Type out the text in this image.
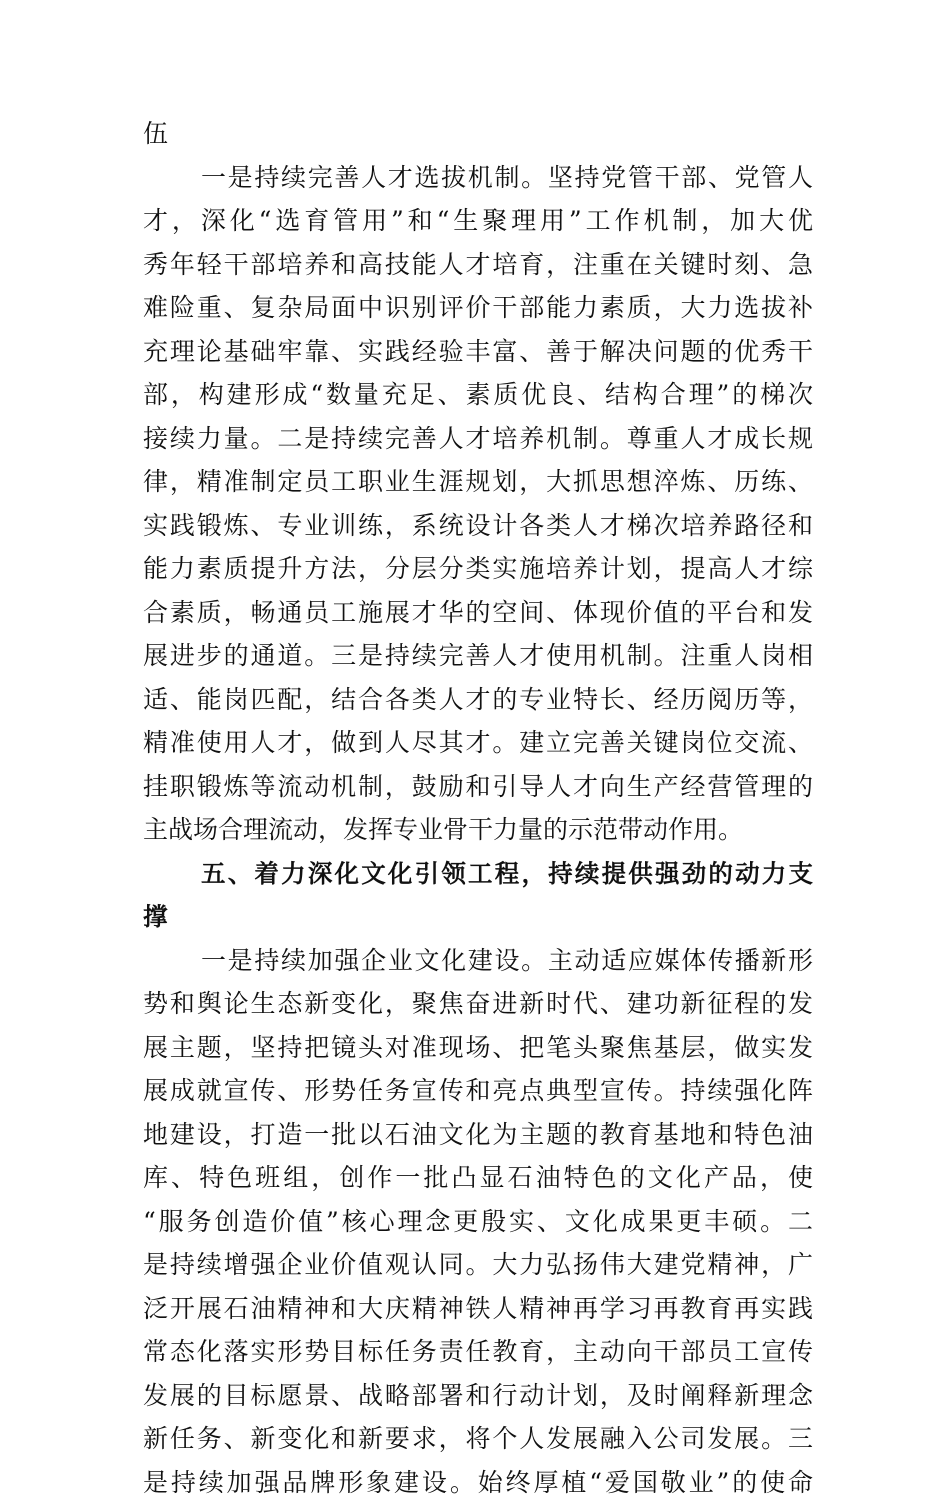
伍
一是持续完善人才选拔机制。坚持党管干部、党管人
才，深化“选育管用”和“生聚理用”工作机制，加大优
秀年轻干部培养和高技能人才培育，注重在关键时刻、急
难险重、复杂局面中识别评价干部能力素质，大力选拔补
充理论基础牢靠、实践经验丰富、善于解决问题的优秀干
部，构建形成“数量充足、素质优良、结构合理”的梯次
接续力量。二是持续完善人才培养机制。尊重人才成长规
律，精准制定员工职业生涯规划，大抓思想淬炼、历练、
实践锻炼、专业训练，系统设计各类人才梯次培养路径和
能力素质提升方法，分层分类实施培养计划，提高人才综
合素质，畅通员工施展才华的空间、体现价值的平台和发
展进步的通道。三是持续完善人才使用机制。注重人岗相
适、能岗匹配，结合各类人才的专业特长、经历阅历等，
精准使用人才，做到人尽其才。建立完善关键岗位交流、
挂职锻炼等流动机制，鼓励和引导人才向生产经营管理的
主战场合理流动，发挥专业骨干力量的示范带动作用。
五、着力深化文化引领工程，持续提供强劲的动力支
撑
一是持续加强企业文化建设。主动适应媒体传播新形
势和舆论生态新变化，聚焦奋进新时代、建功新征程的发
展主题，坚持把镜头对准现场、把笔头聚焦基层，做实发
展成就宣传、形势任务宣传和亮点典型宣传。持续强化阵
地建设，打造一批以石油文化为主题的教育基地和特色油
库、特色班组，创作一批凸显石油特色的文化产品，使
“服务创造价值”核心理念更殷实、文化成果更丰硕。二
是持续增强企业价值观认同。大力弘扬伟大建党精神，广
泛开展石油精神和大庆精神铁人精神再学习再教育再实践
常态化落实形势目标任务责任教育，主动向干部员工宣传
发展的目标愿景、战略部署和行动计划，及时阐释新理念
新任务、新变化和新要求，将个人发展融入公司发展。三
是持续加强品牌形象建设。始终厚植“爱国敬业”的使命
